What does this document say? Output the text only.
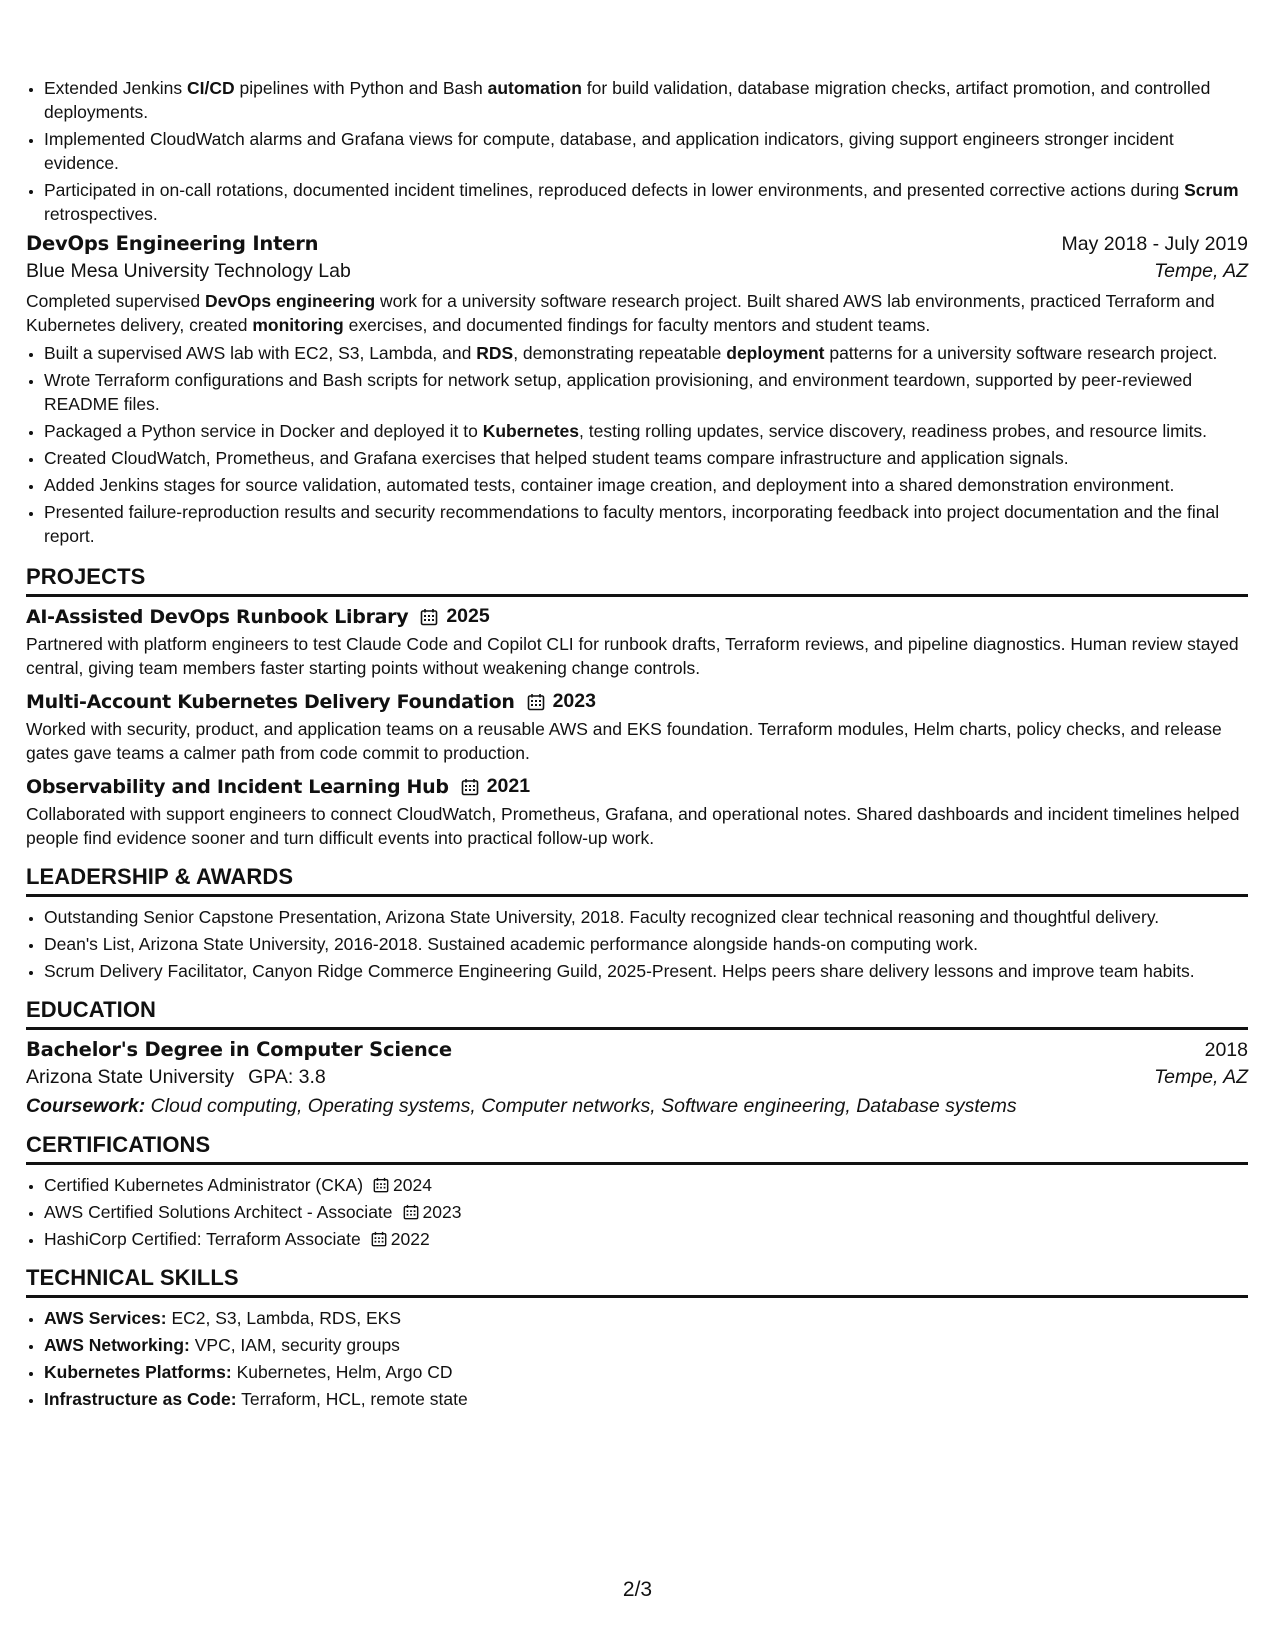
• Extended Jenkins CI/CD pipelines with Python and Bash automation for build validation, database migration checks, artifact promotion, and controlled deployments.
• Implemented CloudWatch alarms and Grafana views for compute, database, and application indicators, giving support engineers stronger incident evidence.
• Participated in on-call rotations, documented incident timelines, reproduced defects in lower environments, and presented corrective actions during Scrum retrospectives.
DevOps Engineering Intern	May 2018 - July 2019
Blue Mesa University Technology Lab	Tempe, AZ
Completed supervised DevOps engineering work for a university software research project. Built shared AWS lab environments, practiced Terraform and Kubernetes delivery, created monitoring exercises, and documented findings for faculty mentors and student teams.
• Built a supervised AWS lab with EC2, S3, Lambda, and RDS, demonstrating repeatable deployment patterns for a university software research project.
• Wrote Terraform configurations and Bash scripts for network setup, application provisioning, and environment teardown, supported by peer-reviewed README files.
• Packaged a Python service in Docker and deployed it to Kubernetes, testing rolling updates, service discovery, readiness probes, and resource limits.
• Created CloudWatch, Prometheus, and Grafana exercises that helped student teams compare infrastructure and application signals.
• Added Jenkins stages for source validation, automated tests, container image creation, and deployment into a shared demonstration environment.
• Presented failure-reproduction results and security recommendations to faculty mentors, incorporating feedback into project documentation and the final report.
PROJECTS
AI-Assisted DevOps Runbook Library 2025
Partnered with platform engineers to test Claude Code and Copilot CLI for runbook drafts, Terraform reviews, and pipeline diagnostics. Human review stayed central, giving team members faster starting points without weakening change controls.
Multi-Account Kubernetes Delivery Foundation 2023
Worked with security, product, and application teams on a reusable AWS and EKS foundation. Terraform modules, Helm charts, policy checks, and release gates gave teams a calmer path from code commit to production.
Observability and Incident Learning Hub 2021
Collaborated with support engineers to connect CloudWatch, Prometheus, Grafana, and operational notes. Shared dashboards and incident timelines helped people find evidence sooner and turn difficult events into practical follow-up work.
LEADERSHIP & AWARDS
• Outstanding Senior Capstone Presentation, Arizona State University, 2018. Faculty recognized clear technical reasoning and thoughtful delivery.
• Dean's List, Arizona State University, 2016-2018. Sustained academic performance alongside hands-on computing work.
• Scrum Delivery Facilitator, Canyon Ridge Commerce Engineering Guild, 2025-Present. Helps peers share delivery lessons and improve team habits.
EDUCATION
Bachelor's Degree in Computer Science	2018
Arizona State University GPA: 3.8	Tempe, AZ
Coursework: Cloud computing, Operating systems, Computer networks, Software engineering, Database systems
CERTIFICATIONS
• Certified Kubernetes Administrator (CKA) 2024
• AWS Certified Solutions Architect - Associate 2023
• HashiCorp Certified: Terraform Associate 2022
TECHNICAL SKILLS
• AWS Services: EC2, S3, Lambda, RDS, EKS
• AWS Networking: VPC, IAM, security groups
• Kubernetes Platforms: Kubernetes, Helm, Argo CD
• Infrastructure as Code: Terraform, HCL, remote state
2/3
